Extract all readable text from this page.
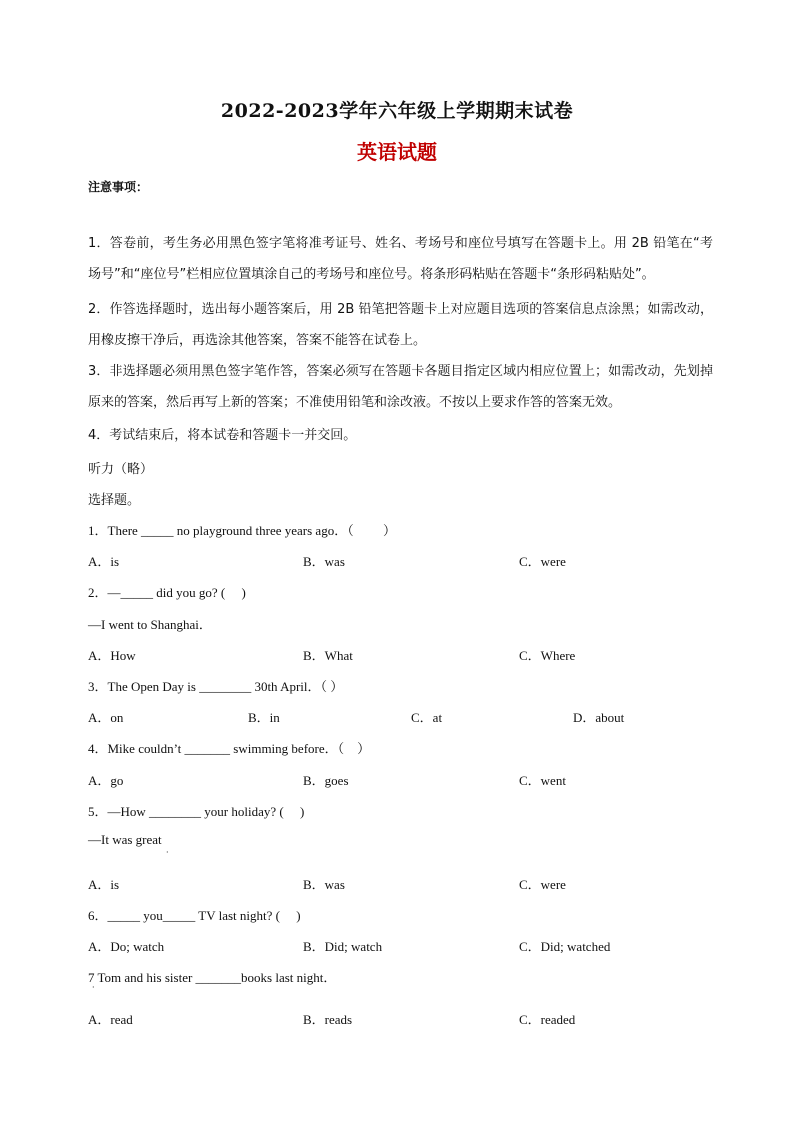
2022-2023学年六年级上学期期末试卷
英语试题
注意事项：
1．答卷前，考生务必用黑色签字笔将准考证号、姓名、考场号和座位号填写在答题卡上。用 2B 铅笔在“考场号”和“座位号”栏相应位置填涂自己的考场号和座位号。将条形码粘贴在答题卡“条形码粘贴处”。
2．作答选择题时，选出每小题答案后，用 2B 铅笔把答题卡上对应题目选项的答案信息点涂黑；如需改动，用橡皮擦干净后，再选涂其他答案，答案不能答在试卷上。
3．非选择题必须用黑色签字笔作答，答案必须写在答题卡各题目指定区域内相应位置上；如需改动，先划掉原来的答案，然后再写上新的答案；不准使用铅笔和涂改液。不按以上要求作答的答案无效。
4．考试结束后，将本试卷和答题卡一并交回。
听力（略）
选择题。
1．There _____ no playground three years ago．（　　 ）
A．is	B．was	C．were
2．—_____ did you go? (　 )
—I went to Shanghai．
A．How	B．What	C．Where
3．The Open Day is ________ 30th April．（ ）
A．on	B．in	C．at	D．about
4．Mike couldn’t _______ swimming before．（　）
A．go	B．goes	C．went
5．—How ________ your holiday? (　 )
—It was great
·
A．is	B．was	C．were
6．_____ you_____ TV last night? (　 )
A．Do; watch	B．Did; watch	C．Did; watched
7 Tom and his sister _______books last night．
·
A．read	B．reads	C．readed
